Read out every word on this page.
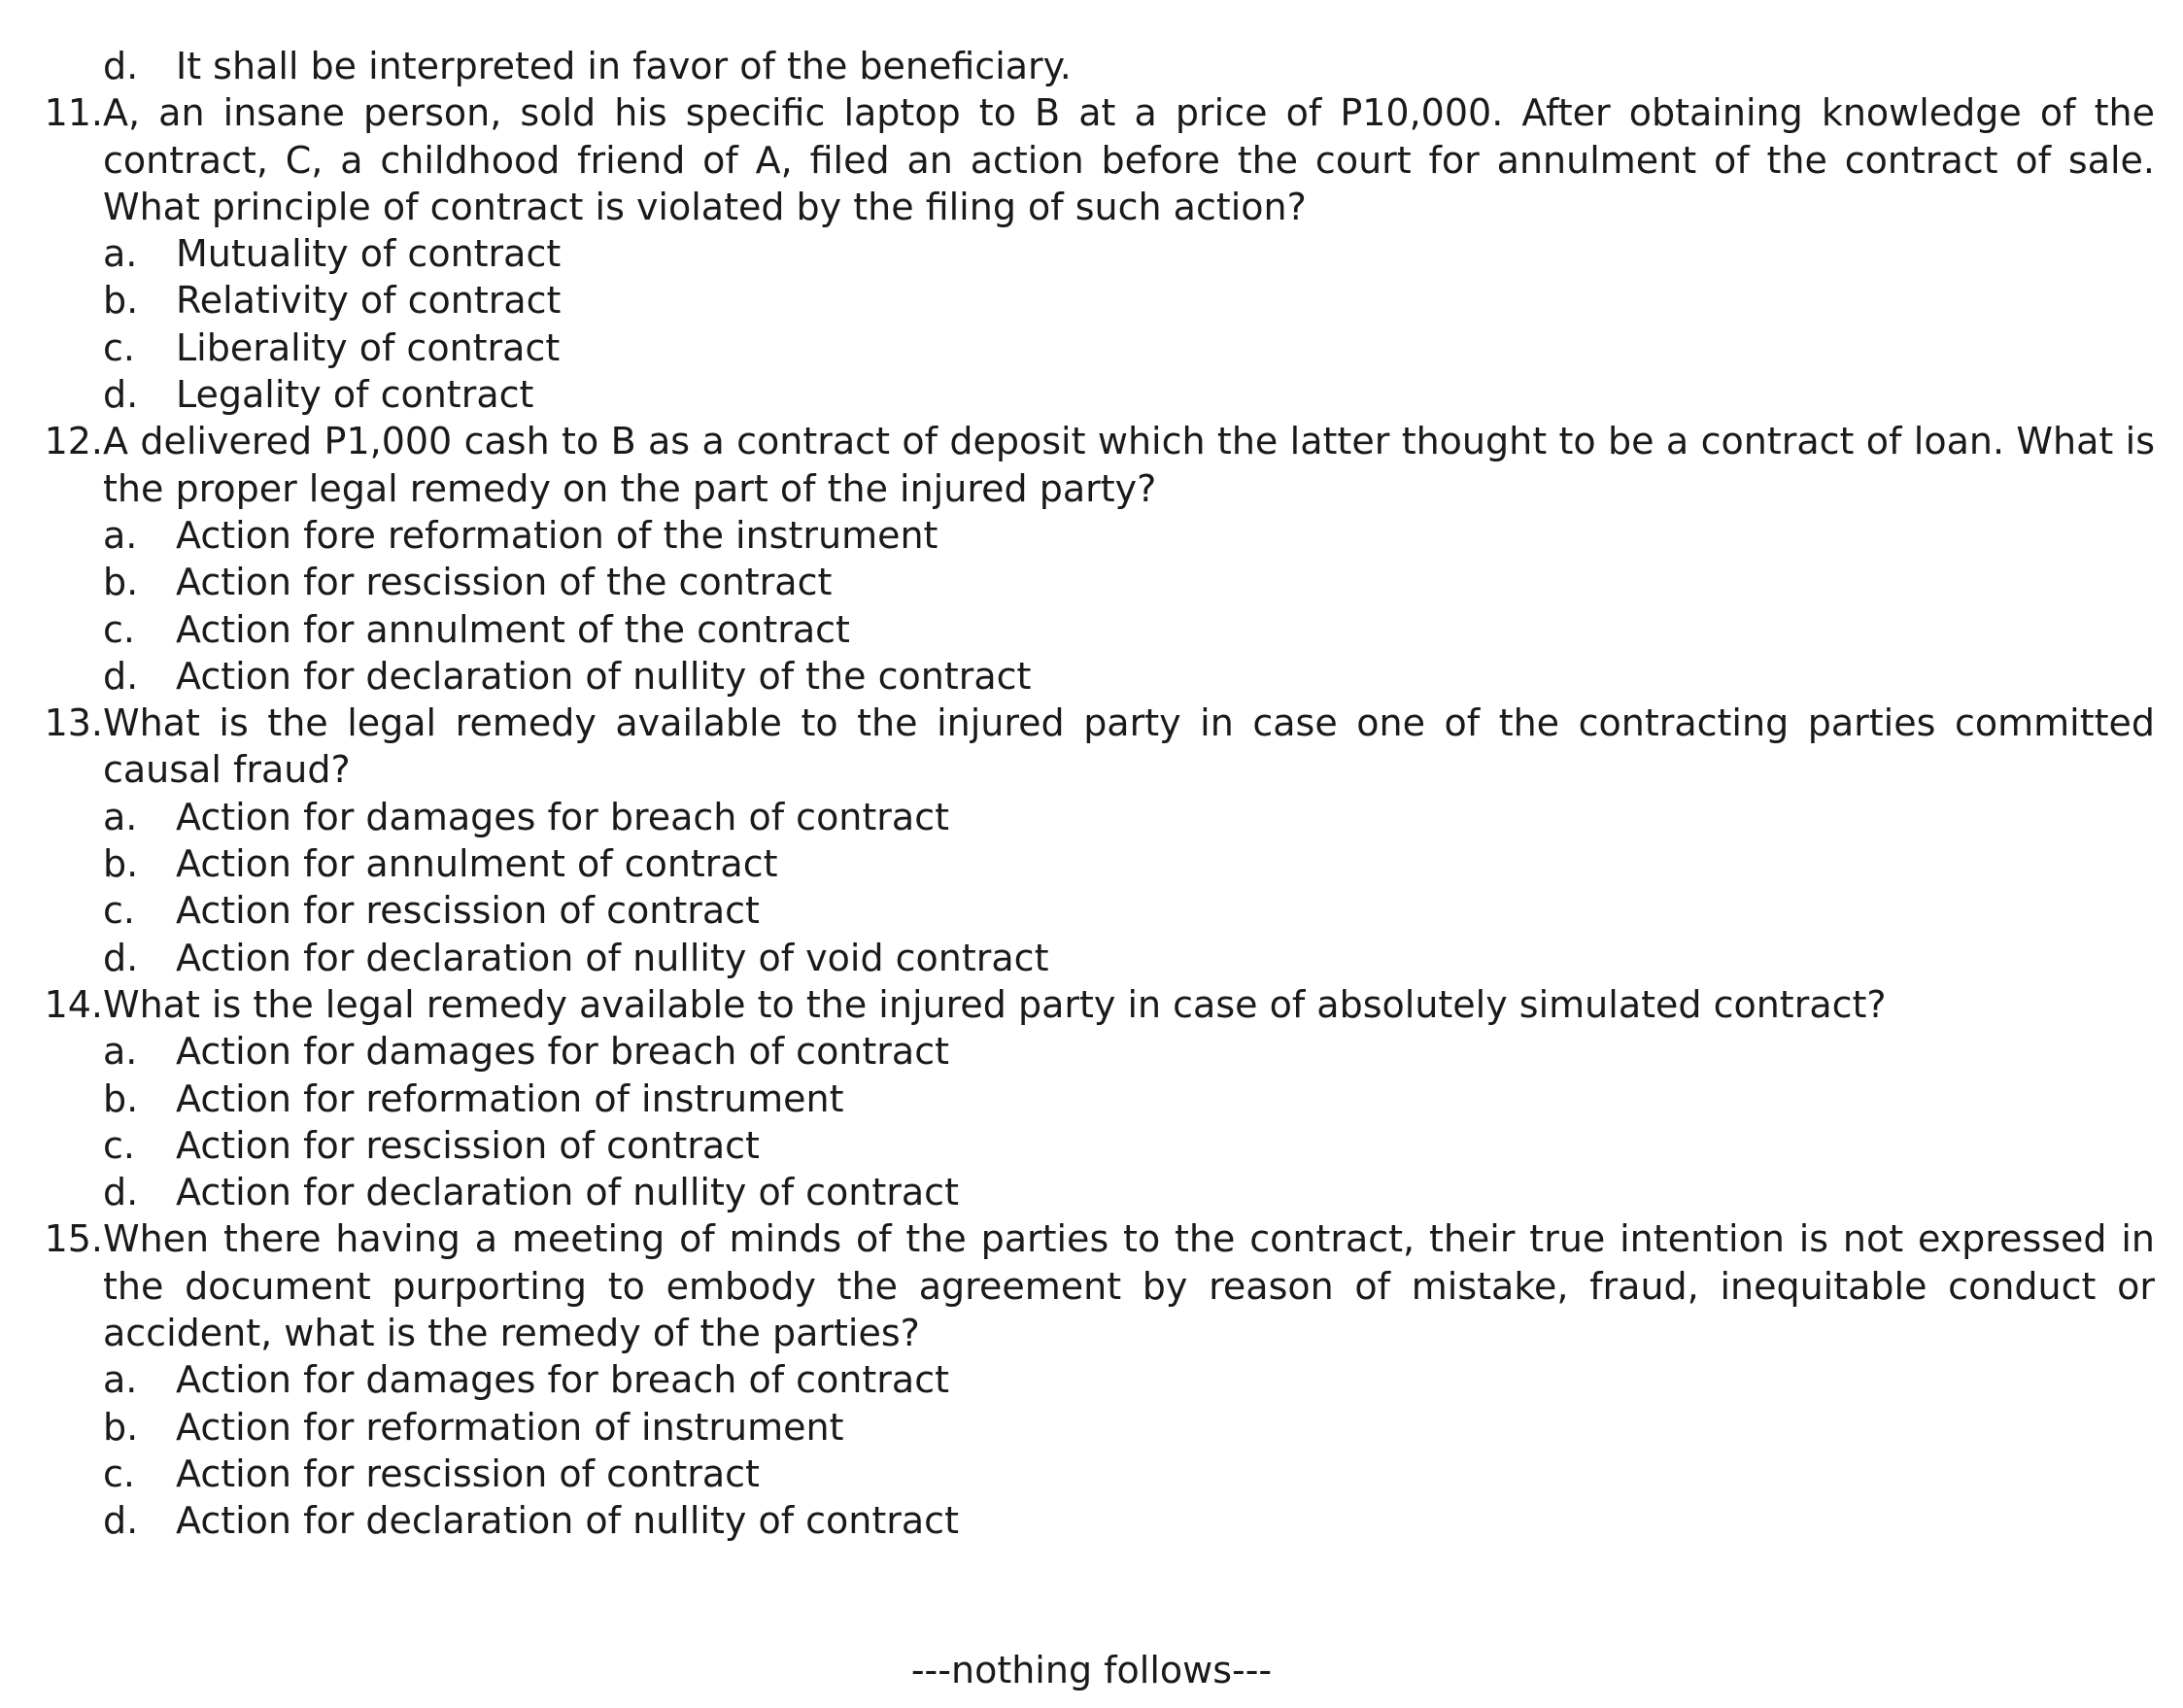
d.	It shall be interpreted in favor of the beneficiary.
11. A, an insane person, sold his specific laptop to B at a price of P10,000. After obtaining knowledge of the contract, C, a childhood friend of A, filed an action before the court for annulment of the contract of sale. What principle of contract is violated by the filing of such action?
a.	Mutuality of contract
b.	Relativity of contract
c.	Liberality of contract
d.	Legality of contract
12. A delivered P1,000 cash to B as a contract of deposit which the latter thought to be a contract of loan. What is the proper legal remedy on the part of the injured party?
a.	Action fore reformation of the instrument
b.	Action for rescission of the contract
c.	Action for annulment of the contract
d.	Action for declaration of nullity of the contract
13. What is the legal remedy available to the injured party in case one of the contracting parties committed causal fraud?
a.	Action for damages for breach of contract
b.	Action for annulment of contract
c.	Action for rescission of contract
d.	Action for declaration of nullity of void contract
14. What is the legal remedy available to the injured party in case of absolutely simulated contract?
a.	Action for damages for breach of contract
b.	Action for reformation of instrument
c.	Action for rescission of contract
d.	Action for declaration of nullity of contract
15. When there having a meeting of minds of the parties to the contract, their true intention is not expressed in the document purporting to embody the agreement by reason of mistake, fraud, inequitable conduct or accident, what is the remedy of the parties?
a.	Action for damages for breach of contract
b.	Action for reformation of instrument
c.	Action for rescission of contract
d.	Action for declaration of nullity of contract
---nothing follows---
